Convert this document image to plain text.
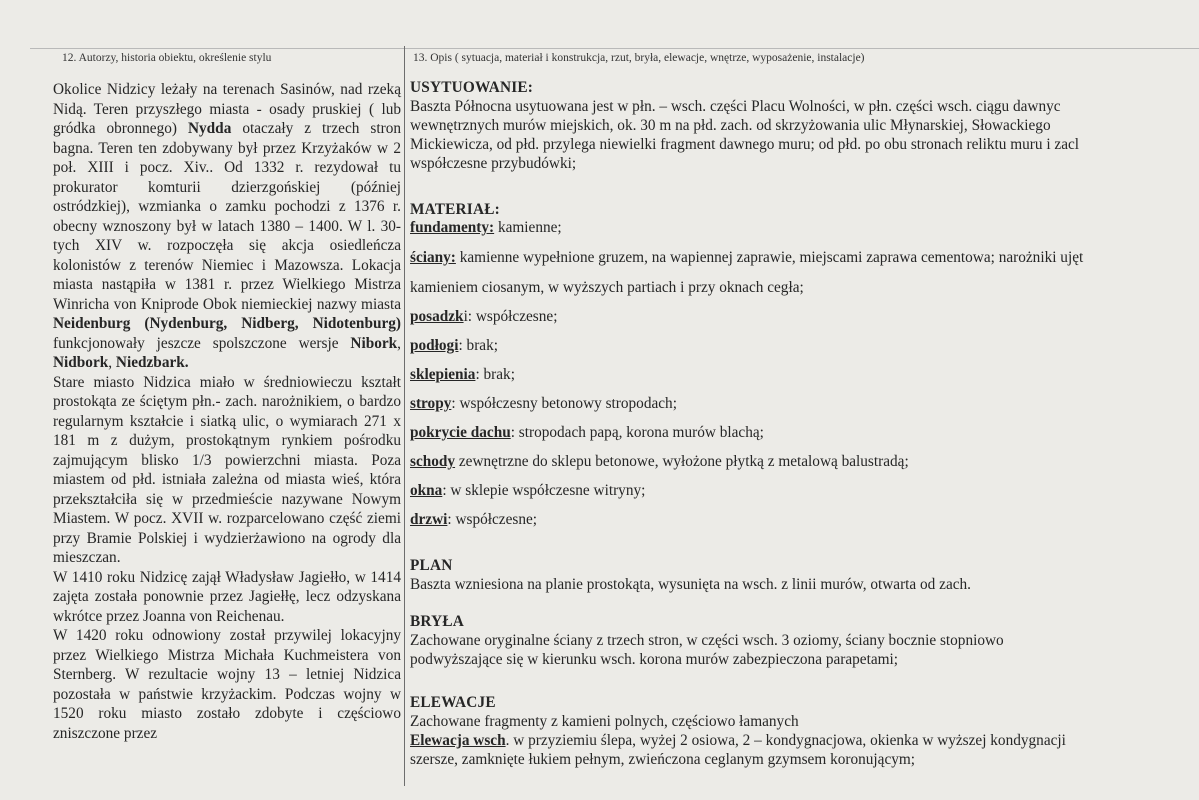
12. Autorzy, historia obiektu, określenie stylu	13. Opis ( sytuacja, materiał i konstrukcja, rzut, bryła, elewacje, wnętrze, wyposażenie, instalacje)

Okolice Nidzicy leżały na terenach Sasinów, nad rzeką Nidą. Teren przyszłego miasta - osady pruskiej ( lub gródka obronnego) Nydda otaczały z trzech stron bagna. Teren ten zdobywany był przez Krzyżaków w 2 poł. XIII i pocz. Xiv.. Od 1332 r. rezydował tu prokurator komturii dzierzgońskiej (później ostródzkiej), wzmianka o zamku pochodzi z 1376 r. obecny wznoszony był w latach 1380 – 1400. W l. 30-tych XIV w. rozpoczęła się akcja osiedleńcza kolonistów z terenów Niemiec i Mazowsza. Lokacja miasta nastąpiła w 1381 r. przez Wielkiego Mistrza Winricha von Kniprode Obok niemieckiej nazwy miasta Neidenburg (Nydenburg, Nidberg, Nidotenburg) funkcjonowały jeszcze spolszczone wersje Nibork, Nidbork, Niedzbark.

Stare miasto Nidzica miało w średniowieczu kształt prostokąta ze ściętym płn.- zach. narożnikiem, o bardzo regularnym kształcie i siatką ulic, o wymiarach 271 x 181 m z dużym, prostokątnym rynkiem pośrodku zajmującym blisko 1/3 powierzchni miasta. Poza miastem od płd. istniała zależna od miasta wieś, która przekształciła się w przedmieście nazywane Nowym Miastem. W pocz. XVII w. rozparcelowano część ziemi przy Bramie Polskiej i wydzierżawiono na ogrody dla mieszczan.

W 1410 roku Nidzicę zajął Władysław Jagiełło, w 1414 zajęta została ponownie przez Jagiełłę, lecz odzyskana wkrótce przez Joanna von Reichenau.

W 1420 roku odnowiony został przywilej lokacyjny przez Wielkiego Mistrza Michała Kuchmeistera von Sternberg. W rezultacie wojny 13 – letniej Nidzica pozostała w państwie krzyżackim. Podczas wojny w 1520 roku miasto zostało zdobyte i częściowo zniszczone przez

USYTUOWANIE:
Baszta Północna usytuowana jest w płn. – wsch. części Placu Wolności, w płn. części wsch. ciągu dawnyc
wewnętrznych murów miejskich, ok. 30 m na płd. zach. od skrzyżowania ulic Młynarskiej, Słowackiego
Mickiewicza, od płd. przylega niewielki fragment dawnego muru; od płd. po obu stronach reliktu muru i zacl
współczesne przybudówki;
MATERIAŁ:
fundamenty: kamienne;
ściany: kamienne wypełnione gruzem, na wapiennej zaprawie, miejscami zaprawa cementowa; narożniki ujęt
kamieniem ciosanym, w wyższych partiach i przy oknach cegła;
posadzki: współczesne;
podłogi: brak;
sklepienia: brak;
stropy: współczesny betonowy stropodach;
pokrycie dachu: stropodach papą, korona murów blachą;
schody zewnętrzne do sklepu betonowe, wyłożone płytką z metalową balustradą;
okna: w sklepie współczesne witryny;
drzwi: współczesne;
PLAN
Baszta wzniesiona na planie prostokąta, wysunięta na wsch. z linii murów, otwarta od zach.
BRYŁA
Zachowane oryginalne ściany z trzech stron, w części wsch. 3 oziomy, ściany bocznie stopniowo
podwyższające się w kierunku wsch. korona murów zabezpieczona parapetami;
ELEWACJE
Zachowane fragmenty z kamieni polnych, częściowo łamanych
Elewacja wsch. w przyziemiu ślepa, wyżej 2 osiowa, 2 – kondygnacjowa, okienka w wyższej kondygnacji
szersze, zamknięte łukiem pełnym, zwieńczona ceglanym gzymsem koronującym;
